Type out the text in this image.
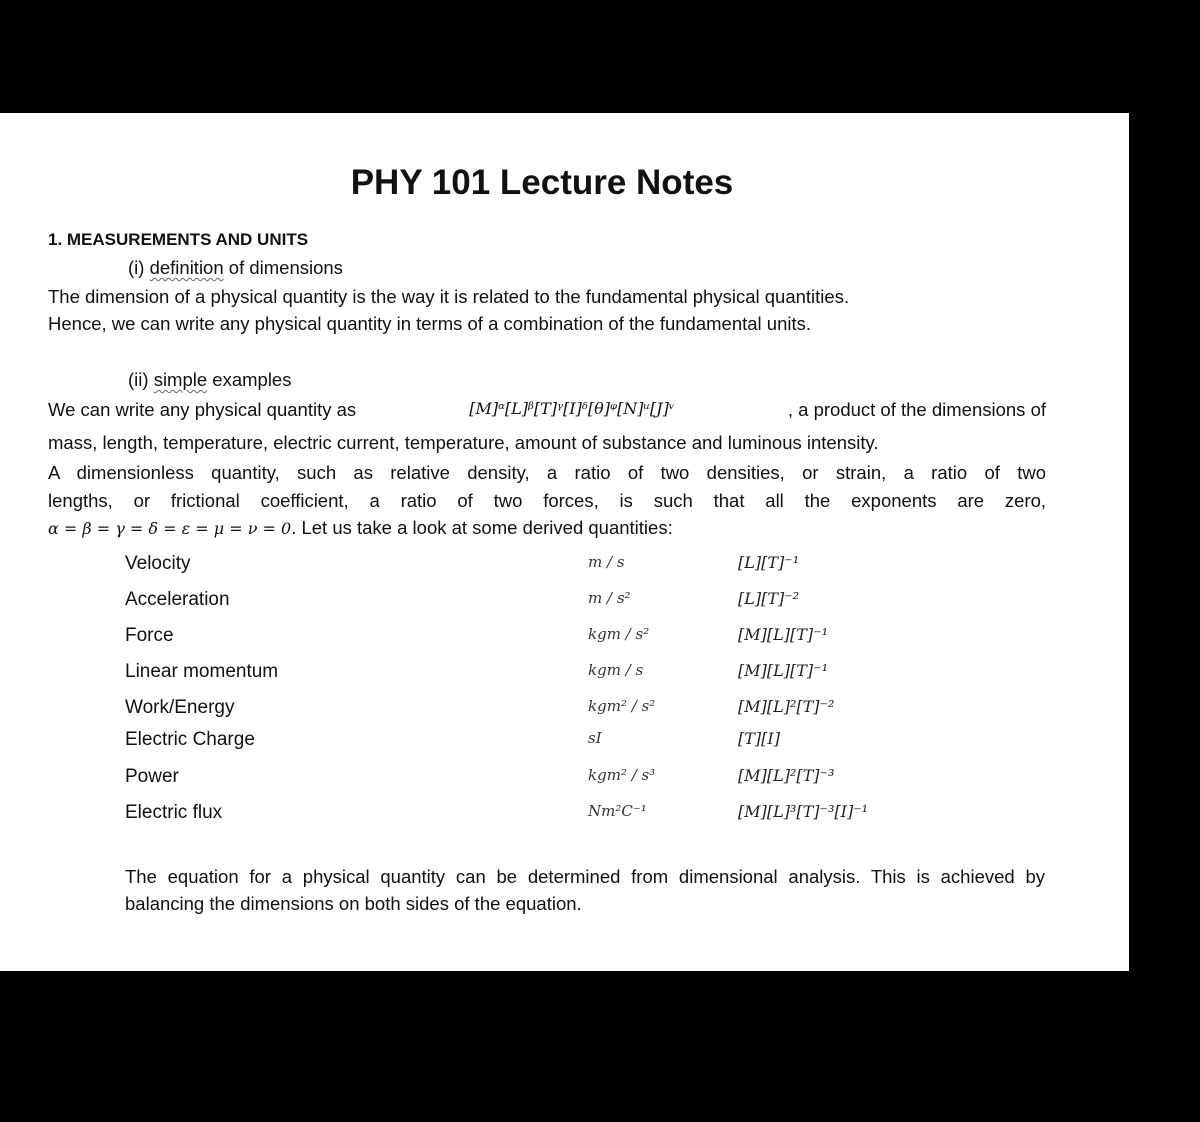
PHY 101 Lecture Notes
1. MEASUREMENTS AND UNITS
(i) definition of dimensions
The dimension of a physical quantity is the way it is related to the fundamental physical quantities.
Hence, we can write any physical quantity in terms of a combination of the fundamental units.
(ii) simple examples
We can write any physical quantity as	[M]ᵅ[L]ᵝ[T]ᵞ[I]ᵟ[θ]ᵠ[N]ᵘ[J]ᵛ	, a product of the dimensions of
mass, length, temperature, electric current, temperature, amount of substance and luminous intensity.
A dimensionless quantity, such as relative density, a ratio of two densities, or strain, a ratio of two
lengths, or frictional coefficient, a ratio of two forces, is such that all the exponents are zero,
α = β = γ = δ = ε = μ = ν = 0. Let us take a look at some derived quantities:
Velocity	m / s	[L][T]⁻¹
Acceleration	m / s²	[L][T]⁻²
Force	kgm / s²	[M][L][T]⁻¹
Linear momentum	kgm / s	[M][L][T]⁻¹
Work/Energy	kgm² / s²	[M][L]²[T]⁻²
Electric Charge	sI	[T][I]
Power	kgm² / s³	[M][L]²[T]⁻³
Electric flux	Nm²C⁻¹	[M][L]³[T]⁻³[I]⁻¹
The equation for a physical quantity can be determined from dimensional analysis. This is achieved by balancing the dimensions on both sides of the equation.
